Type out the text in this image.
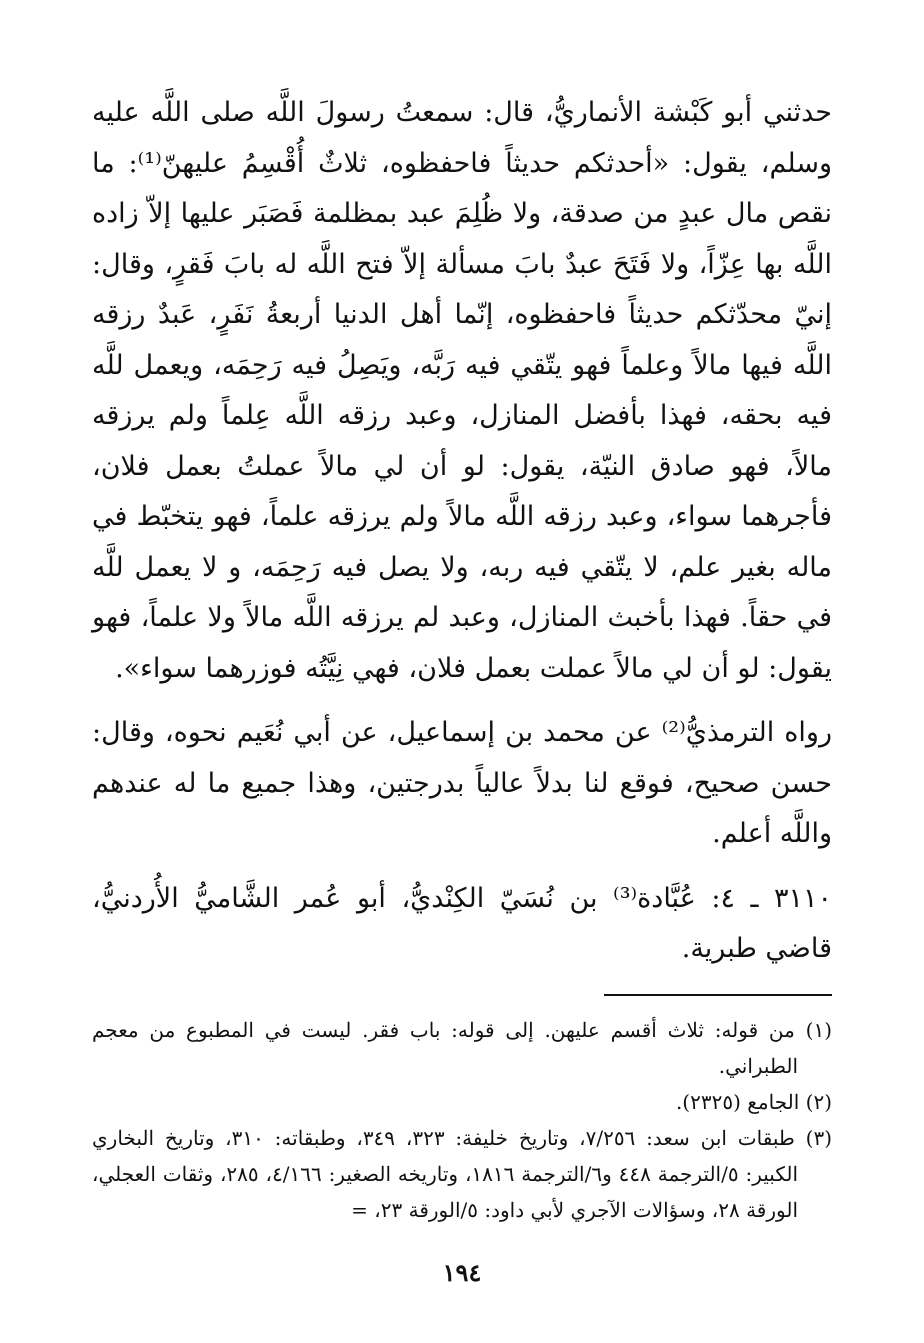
حدثني أبو كَبْشة الأنماريُّ، قال: سمعتُ رسولَ اللَّه صلى اللَّه عليه وسلم، يقول: «أحدثكم حديثاً فاحفظوه، ثلاثٌ أُقْسِمُ عليهنّ⁽¹⁾: ما نقص مال عبدٍ من صدقة، ولا ظُلِمَ عبد بمظلمة فَصَبَر عليها إلاّ زاده اللَّه بها عِزّاً، ولا فَتَحَ عبدٌ بابَ مسألة إلاّ فتح اللَّه له بابَ فَقرٍ، وقال: إنيّ محدّثكم حديثاً فاحفظوه، إنّما أهل الدنيا أربعةُ نَفَرٍ، عَبدٌ رزقه اللَّه فيها مالاً وعلماً فهو يتّقي فيه رَبَّه، ويَصِلُ فيه رَحِمَه، ويعمل للَّه فيه بحقه، فهذا بأفضل المنازل، وعبد رزقه اللَّه عِلماً ولم يرزقه مالاً، فهو صادق النيّة، يقول: لو أن لي مالاً عملتُ بعمل فلان، فأجرهما سواء، وعبد رزقه اللَّه مالاً ولم يرزقه علماً، فهو يتخبّط في ماله بغير علم، لا يتّقي فيه ربه، ولا يصل فيه رَحِمَه، و لا يعمل للَّه في حقاً. فهذا بأخبث المنازل، وعبد لم يرزقه اللَّه مالاً ولا علماً، فهو يقول: لو أن لي مالاً عملت بعمل فلان، فهي نِيَّتُه فوزرهما سواء».

رواه الترمذيُّ⁽²⁾ عن محمد بن إسماعيل، عن أبي نُعَيم نحوه، وقال: حسن صحيح، فوقع لنا بدلاً عالياً بدرجتين، وهذا جميع ما له عندهم واللَّه أعلم.

٣١١٠ ـ ٤: عُبَّادة⁽³⁾ بن نُسَيّ الكِنْديُّ، أبو عُمر الشَّاميُّ الأُردنيُّ، قاضي طبرية.

(١) من قوله: ثلاث أقسم عليهن. إلى قوله: باب فقر. ليست في المطبوع من معجم الطبراني.

(٢) الجامع (٢٣٢٥).

(٣) طبقات ابن سعد: ٧/٢٥٦، وتاريخ خليفة: ٣٢٣، ٣٤٩، وطبقاته: ٣١٠، وتاريخ البخاري الكبير: ٥/الترجمة ٤٤٨ و٦/الترجمة ١٨١٦، وتاريخه الصغير: ٤/١٦٦، ٢٨٥، وثقات العجلي، الورقة ٢٨، وسؤالات الآجري لأبي داود: ٥/الورقة ٢٣، =

١٩٤
